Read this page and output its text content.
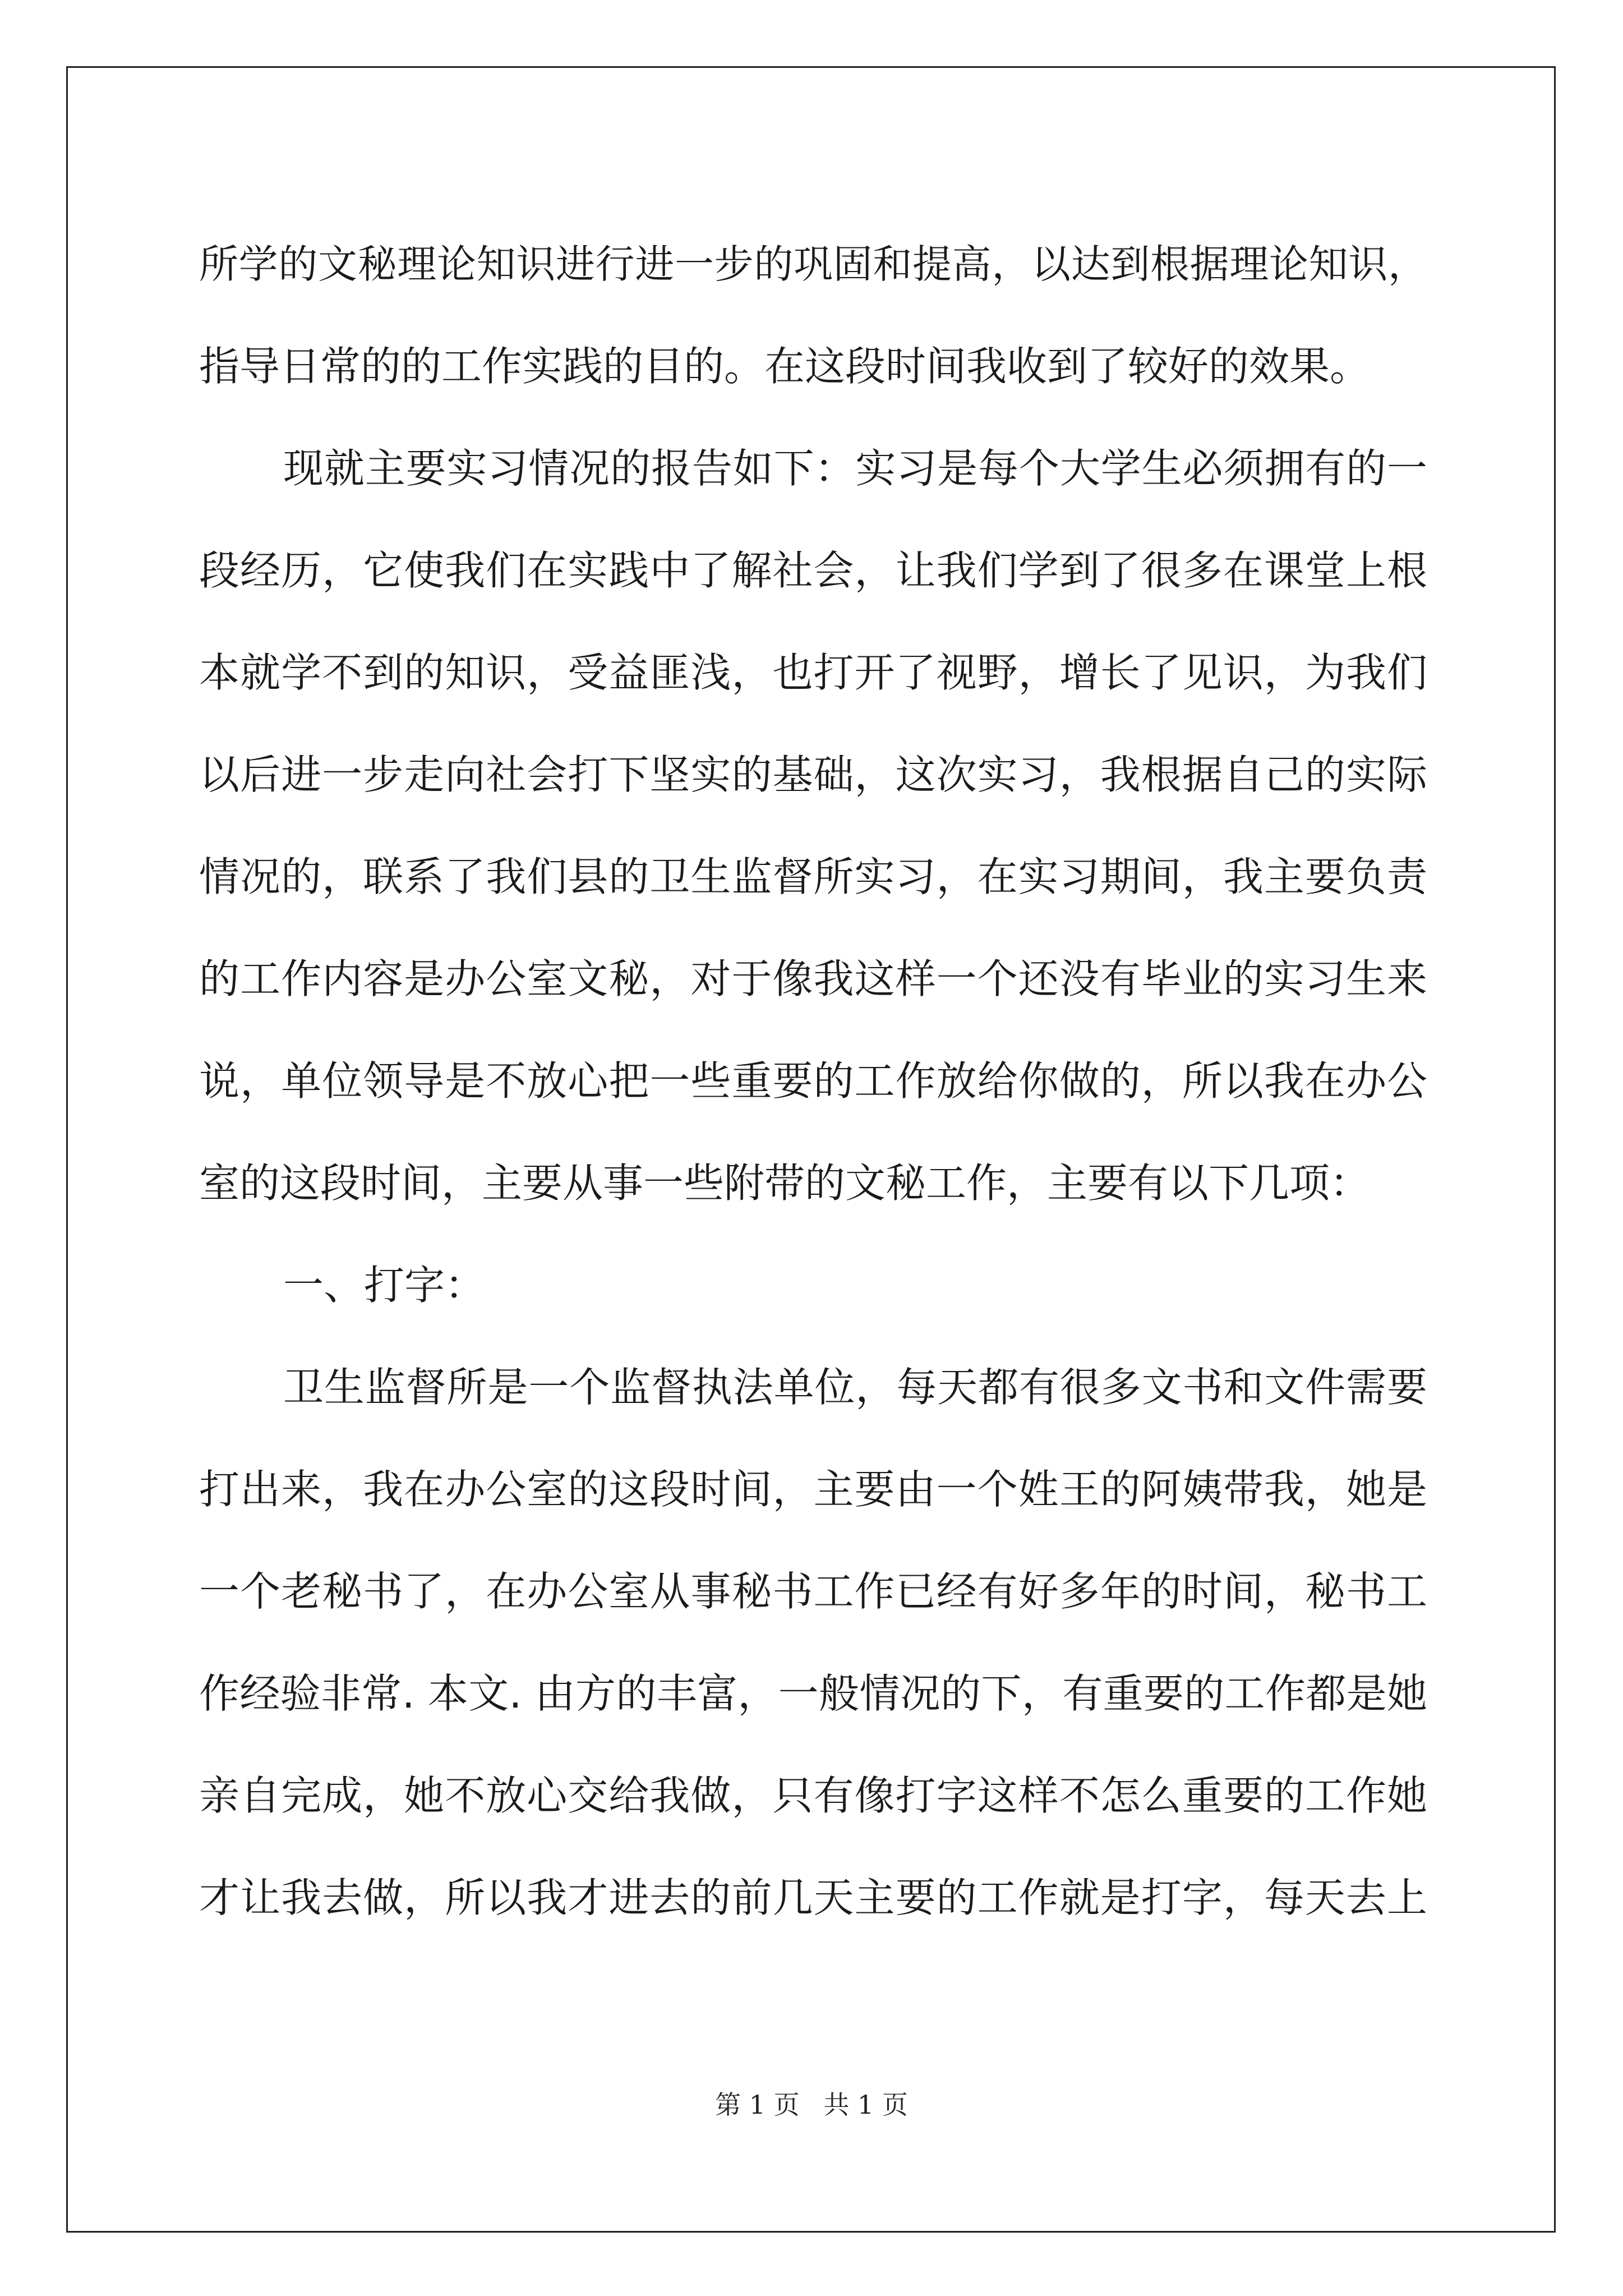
所学的文秘理论知识进行进一步的巩固和提高，以达到根据理论知识，
指导日常的的工作实践的目的。在这段时间我收到了较好的效果。
现就主要实习情况的报告如下：实习是每个大学生必须拥有的一
段经历，它使我们在实践中了解社会，让我们学到了很多在课堂上根
本就学不到的知识，受益匪浅，也打开了视野，增长了见识，为我们
以后进一步走向社会打下坚实的基础，这次实习，我根据自己的实际
情况的，联系了我们县的卫生监督所实习，在实习期间，我主要负责
的工作内容是办公室文秘，对于像我这样一个还没有毕业的实习生来
说，单位领导是不放心把一些重要的工作放给你做的，所以我在办公
室的这段时间，主要从事一些附带的文秘工作，主要有以下几项：
一、打字：
卫生监督所是一个监督执法单位，每天都有很多文书和文件需要
打出来，我在办公室的这段时间，主要由一个姓王的阿姨带我，她是
一个老秘书了，在办公室从事秘书工作已经有好多年的时间，秘书工
作经验非常. 本文. 由方的丰富，一般情况的下，有重要的工作都是她
亲自完成，她不放心交给我做，只有像打字这样不怎么重要的工作她
才让我去做，所以我才进去的前几天主要的工作就是打字，每天去上
第 1 页 共 1 页
